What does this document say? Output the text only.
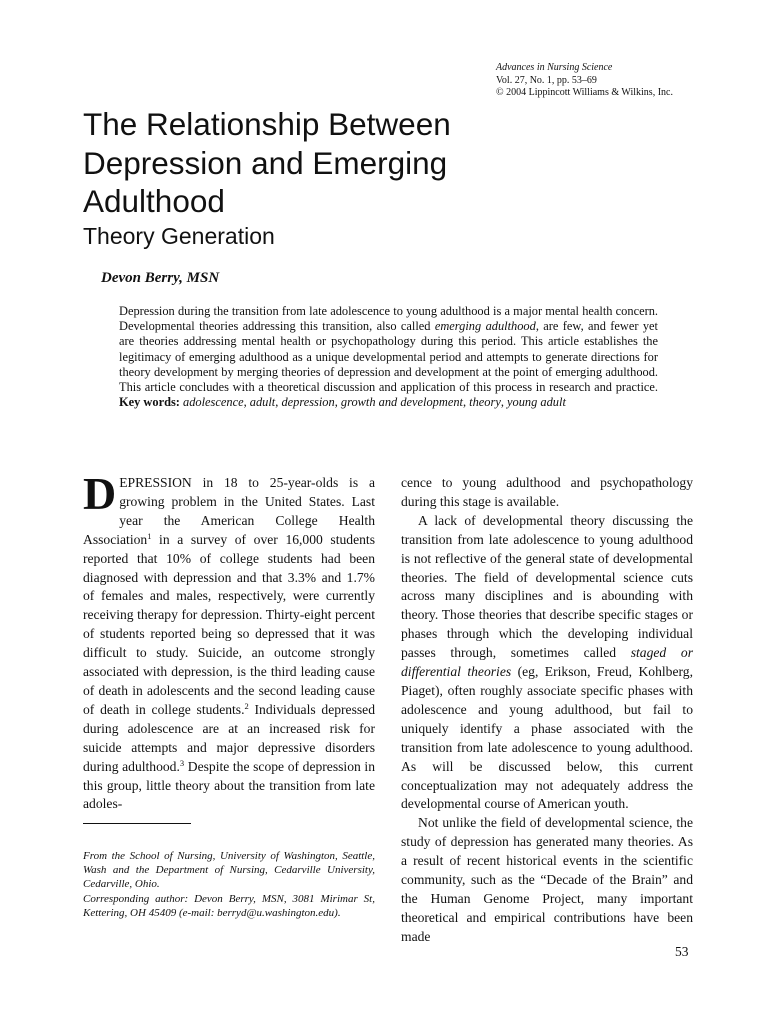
Advances in Nursing Science
Vol. 27, No. 1, pp. 53–69
© 2004 Lippincott Williams & Wilkins, Inc.
The Relationship Between
Depression and Emerging
Adulthood
Theory Generation
Devon Berry, MSN
Depression during the transition from late adolescence to young adulthood is a major mental health concern. Developmental theories addressing this transition, also called emerging adulthood, are few, and fewer yet are theories addressing mental health or psychopathology during this period. This article establishes the legitimacy of emerging adulthood as a unique developmental period and attempts to generate directions for theory development by merging theories of depression and development at the point of emerging adulthood. This article concludes with a theoretical discussion and application of this process in research and practice. Key words: adolescence, adult, depression, growth and development, theory, young adult

DEPRESSION in 18 to 25-year-olds is a growing problem in the United States. Last year the American College Health Association$^1$ in a survey of over 16,000 students reported that 10% of college students had been diagnosed with depression and that 3.3% and 1.7% of females and males, respectively, were currently receiving therapy for depression. Thirty-eight percent of students reported being so depressed that it was difficult to study. Suicide, an outcome strongly associated with depression, is the third leading cause of death in adolescents and the second leading cause of death in college students.$^2$ Individuals depressed during adolescence are at an increased risk for suicide attempts and major depressive disorders during adulthood.$^3$ Despite the scope of depression in this group, little theory about the transition from late adoles-

cence to young adulthood and psychopathology during this stage is available.

A lack of developmental theory discussing the transition from late adolescence to young adulthood is not reflective of the general state of developmental theories. The field of developmental science cuts across many disciplines and is abounding with theory. Those theories that describe specific stages or phases through which the developing individual passes through, sometimes called staged or differential theories (eg, Erikson, Freud, Kohlberg, Piaget), often roughly associate specific phases with adolescence and young adulthood, but fail to uniquely identify a phase associated with the transition from late adolescence to young adulthood. As will be discussed below, this current conceptualization may not adequately address the developmental course of American youth.

Not unlike the field of developmental science, the study of depression has generated many theories. As a result of recent historical events in the scientific community, such as the “Decade of the Brain” and the Human Genome Project, many important theoretical and empirical contributions have been made

From the School of Nursing, University of Washington, Seattle, Wash and the Department of Nursing, Cedarville University, Cedarville, Ohio.
Corresponding author: Devon Berry, MSN, 3081 Mirimar St, Kettering, OH 45409 (e-mail: berryd@u.washington.edu).
53
